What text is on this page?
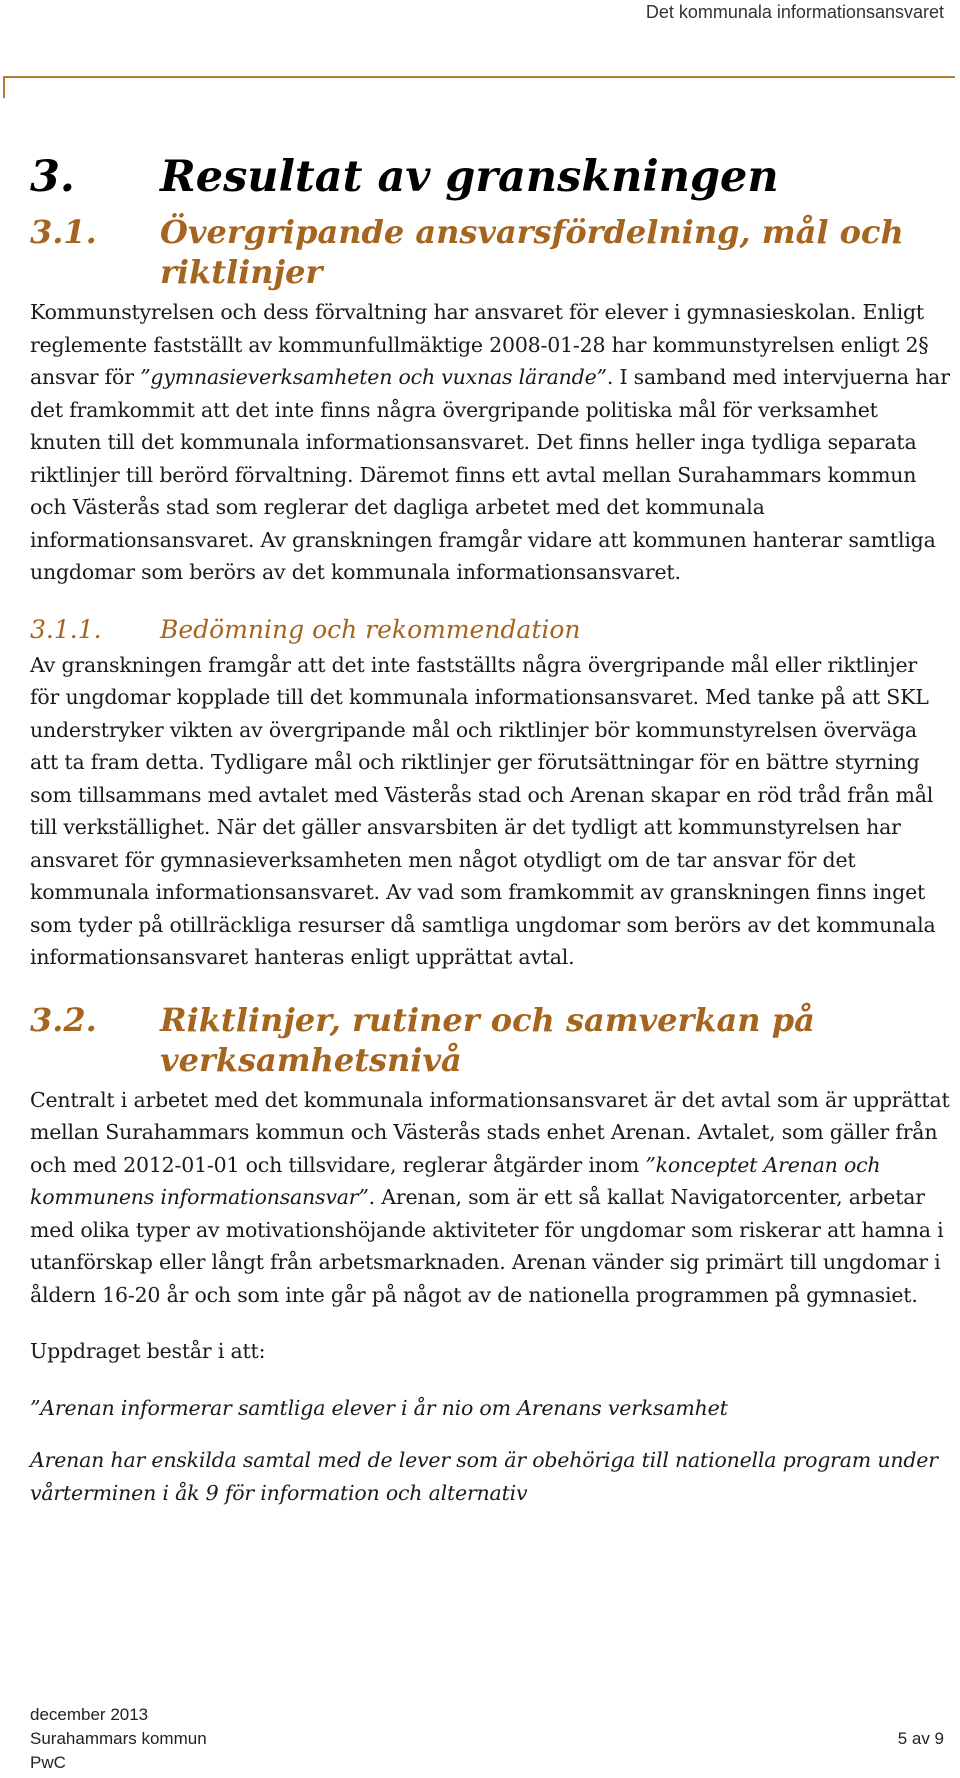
Det kommunala informationsansvaret
3.	Resultat av granskningen
3.1.	Övergripande ansvarsfördelning, mål och riktlinjer

Kommunstyrelsen och dess förvaltning har ansvaret för elever i gymnasieskolan. Enligt reglemente fastställt av kommunfullmäktige 2008-01-28 har kommunstyrelsen enligt 2§ ansvar för ”gymnasieverksamheten och vuxnas lärande”. I samband med intervjuerna har det framkommit att det inte finns några övergripande politiska mål för verksamhet knuten till det kommunala informationsansvaret. Det finns heller inga tydliga separata riktlinjer till berörd förvaltning. Däremot finns ett avtal mellan Surahammars kommun och Västerås stad som reglerar det dagliga arbetet med det kommunala informationsansvaret. Av granskningen framgår vidare att kommunen hanterar samtliga ungdomar som berörs av det kommunala informationsansvaret.

3.1.1.	Bedömning och rekommendation

Av granskningen framgår att det inte fastställts några övergripande mål eller riktlinjer för ungdomar kopplade till det kommunala informationsansvaret. Med tanke på att SKL understryker vikten av övergripande mål och riktlinjer bör kommunstyrelsen överväga att ta fram detta. Tydligare mål och riktlinjer ger förutsättningar för en bättre styrning som tillsammans med avtalet med Västerås stad och Arenan skapar en röd tråd från mål till verkställighet. När det gäller ansvarsbiten är det tydligt att kommunstyrelsen har ansvaret för gymnasieverksamheten men något otydligt om de tar ansvar för det kommunala informationsansvaret. Av vad som framkommit av granskningen finns inget som tyder på otillräckliga resurser då samtliga ungdomar som berörs av det kommunala informationsansvaret hanteras enligt upprättat avtal.

3.2.	Riktlinjer, rutiner och samverkan på verksamhetsnivå

Centralt i arbetet med det kommunala informationsansvaret är det avtal som är upprättat mellan Surahammars kommun och Västerås stads enhet Arenan. Avtalet, som gäller från och med 2012-01-01 och tillsvidare, reglerar åtgärder inom ”konceptet Arenan och kommunens informationsansvar”. Arenan, som är ett så kallat Navigatorcenter, arbetar med olika typer av motivationshöjande aktiviteter för ungdomar som riskerar att hamna i utanförskap eller långt från arbetsmarknaden. Arenan vänder sig primärt till ungdomar i åldern 16-20 år och som inte går på något av de nationella programmen på gymnasiet.

Uppdraget består i att:

”Arenan informerar samtliga elever i år nio om Arenans verksamhet

Arenan har enskilda samtal med de lever som är obehöriga till nationella program under vårterminen i åk 9 för information och alternativ

december 2013
Surahammars kommun
PwC
5 av 9
